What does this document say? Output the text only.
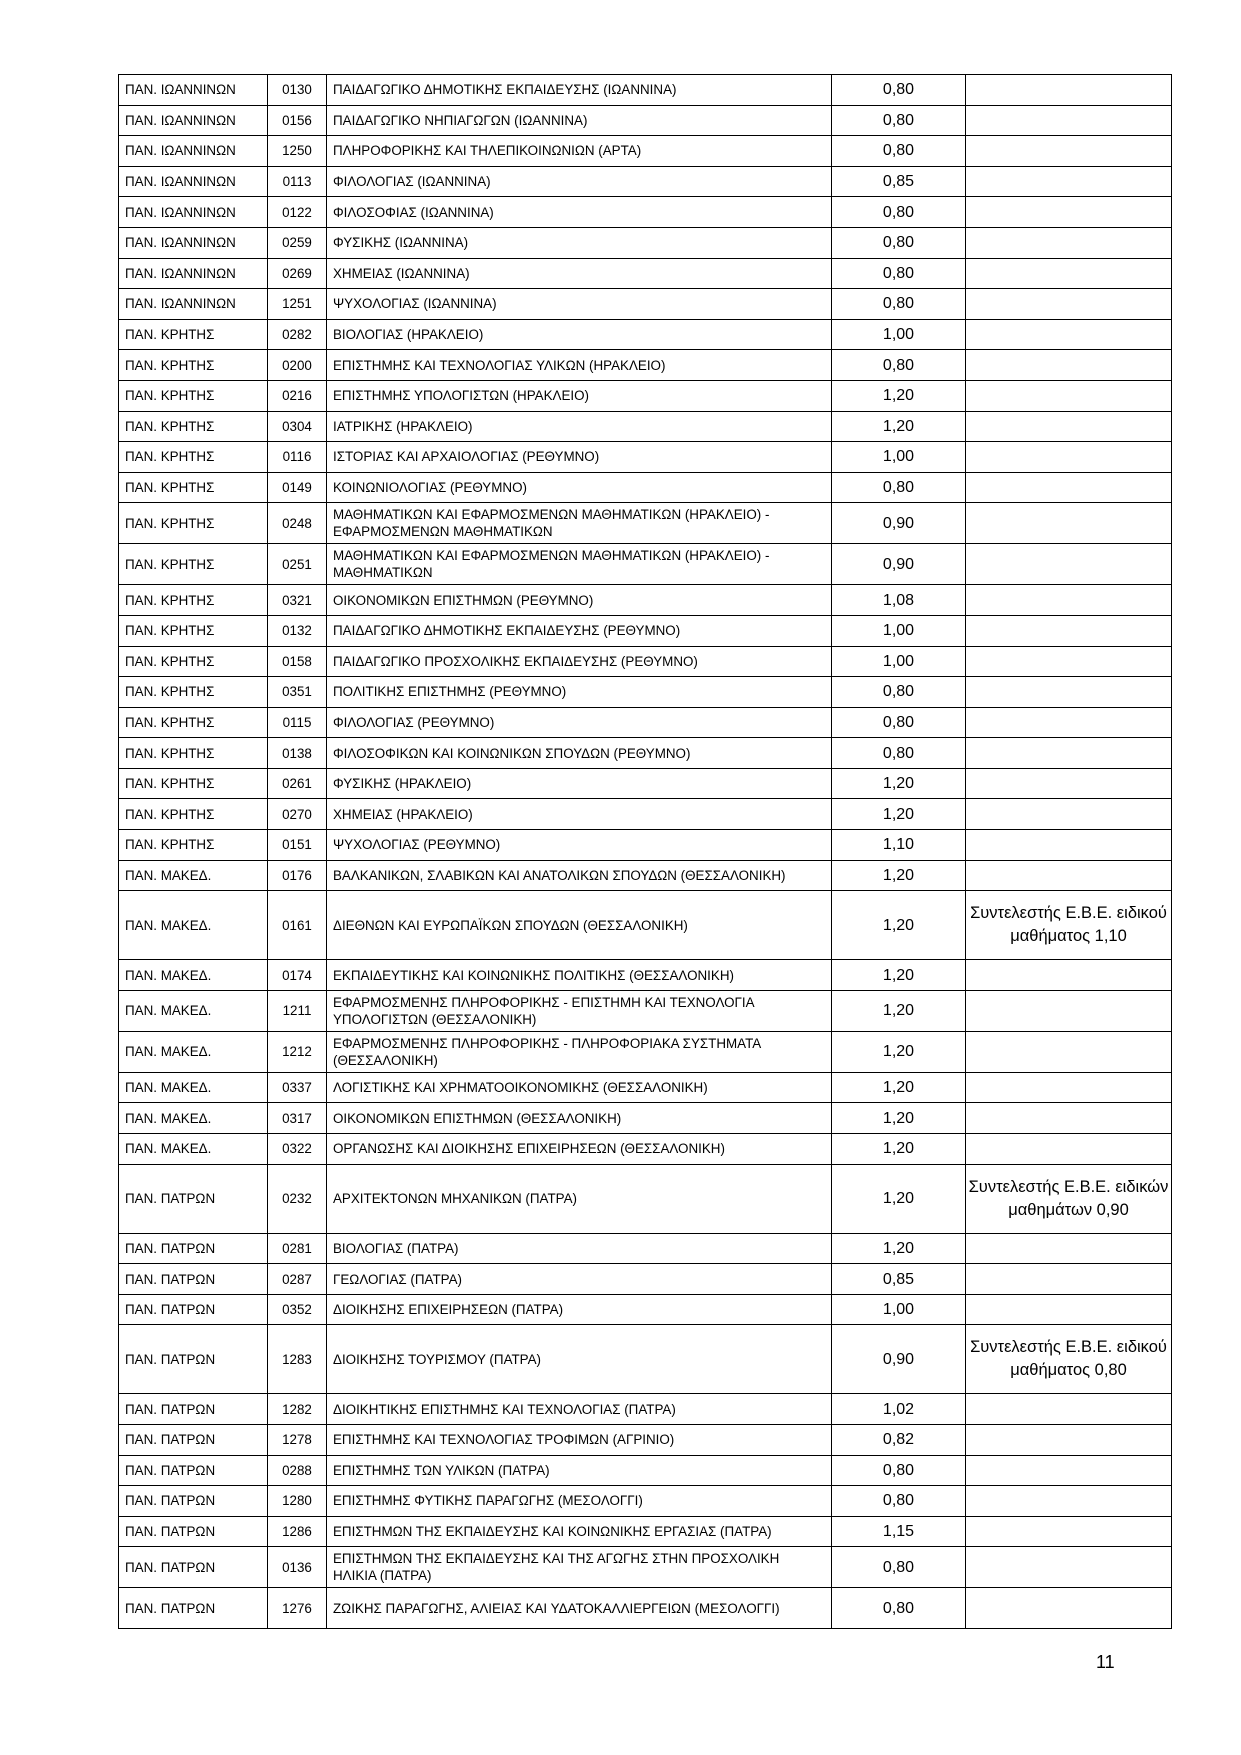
ΠΑΝ. ΙΩΑΝΝΙΝΩΝ	0130	ΠΑΙΔΑΓΩΓΙΚΟ ΔΗΜΟΤΙΚΗΣ ΕΚΠΑΙΔΕΥΣΗΣ (ΙΩΑΝΝΙΝΑ)	0,80	
ΠΑΝ. ΙΩΑΝΝΙΝΩΝ	0156	ΠΑΙΔΑΓΩΓΙΚΟ ΝΗΠΙΑΓΩΓΩΝ (ΙΩΑΝΝΙΝΑ)	0,80	
ΠΑΝ. ΙΩΑΝΝΙΝΩΝ	1250	ΠΛΗΡΟΦΟΡΙΚΗΣ ΚΑΙ ΤΗΛΕΠΙΚΟΙΝΩΝΙΩΝ (ΑΡΤΑ)	0,80	
ΠΑΝ. ΙΩΑΝΝΙΝΩΝ	0113	ΦΙΛΟΛΟΓΙΑΣ (ΙΩΑΝΝΙΝΑ)	0,85	
ΠΑΝ. ΙΩΑΝΝΙΝΩΝ	0122	ΦΙΛΟΣΟΦΙΑΣ (ΙΩΑΝΝΙΝΑ)	0,80	
ΠΑΝ. ΙΩΑΝΝΙΝΩΝ	0259	ΦΥΣΙΚΗΣ (ΙΩΑΝΝΙΝΑ)	0,80	
ΠΑΝ. ΙΩΑΝΝΙΝΩΝ	0269	ΧΗΜΕΙΑΣ (ΙΩΑΝΝΙΝΑ)	0,80	
ΠΑΝ. ΙΩΑΝΝΙΝΩΝ	1251	ΨΥΧΟΛΟΓΙΑΣ (ΙΩΑΝΝΙΝΑ)	0,80	
ΠΑΝ. ΚΡΗΤΗΣ	0282	ΒΙΟΛΟΓΙΑΣ (ΗΡΑΚΛΕΙΟ)	1,00	
ΠΑΝ. ΚΡΗΤΗΣ	0200	ΕΠΙΣΤΗΜΗΣ ΚΑΙ ΤΕΧΝΟΛΟΓΙΑΣ ΥΛΙΚΩΝ (ΗΡΑΚΛΕΙΟ)	0,80	
ΠΑΝ. ΚΡΗΤΗΣ	0216	ΕΠΙΣΤΗΜΗΣ ΥΠΟΛΟΓΙΣΤΩΝ (ΗΡΑΚΛΕΙΟ)	1,20	
ΠΑΝ. ΚΡΗΤΗΣ	0304	ΙΑΤΡΙΚΗΣ (ΗΡΑΚΛΕΙΟ)	1,20	
ΠΑΝ. ΚΡΗΤΗΣ	0116	ΙΣΤΟΡΙΑΣ ΚΑΙ ΑΡΧΑΙΟΛΟΓΙΑΣ (ΡΕΘΥΜΝΟ)	1,00	
ΠΑΝ. ΚΡΗΤΗΣ	0149	ΚΟΙΝΩΝΙΟΛΟΓΙΑΣ (ΡΕΘΥΜΝΟ)	0,80	
ΠΑΝ. ΚΡΗΤΗΣ	0248	ΜΑΘΗΜΑΤΙΚΩΝ ΚΑΙ ΕΦΑΡΜΟΣΜΕΝΩΝ ΜΑΘΗΜΑΤΙΚΩΝ (ΗΡΑΚΛΕΙΟ) - ΕΦΑΡΜΟΣΜΕΝΩΝ ΜΑΘΗΜΑΤΙΚΩΝ	0,90	
ΠΑΝ. ΚΡΗΤΗΣ	0251	ΜΑΘΗΜΑΤΙΚΩΝ ΚΑΙ ΕΦΑΡΜΟΣΜΕΝΩΝ ΜΑΘΗΜΑΤΙΚΩΝ (ΗΡΑΚΛΕΙΟ) - ΜΑΘΗΜΑΤΙΚΩΝ	0,90	
ΠΑΝ. ΚΡΗΤΗΣ	0321	ΟΙΚΟΝΟΜΙΚΩΝ ΕΠΙΣΤΗΜΩΝ (ΡΕΘΥΜΝΟ)	1,08	
ΠΑΝ. ΚΡΗΤΗΣ	0132	ΠΑΙΔΑΓΩΓΙΚΟ ΔΗΜΟΤΙΚΗΣ ΕΚΠΑΙΔΕΥΣΗΣ (ΡΕΘΥΜΝΟ)	1,00	
ΠΑΝ. ΚΡΗΤΗΣ	0158	ΠΑΙΔΑΓΩΓΙΚΟ ΠΡΟΣΧΟΛΙΚΗΣ ΕΚΠΑΙΔΕΥΣΗΣ (ΡΕΘΥΜΝΟ)	1,00	
ΠΑΝ. ΚΡΗΤΗΣ	0351	ΠΟΛΙΤΙΚΗΣ ΕΠΙΣΤΗΜΗΣ (ΡΕΘΥΜΝΟ)	0,80	
ΠΑΝ. ΚΡΗΤΗΣ	0115	ΦΙΛΟΛΟΓΙΑΣ (ΡΕΘΥΜΝΟ)	0,80	
ΠΑΝ. ΚΡΗΤΗΣ	0138	ΦΙΛΟΣΟΦΙΚΩΝ ΚΑΙ ΚΟΙΝΩΝΙΚΩΝ ΣΠΟΥΔΩΝ (ΡΕΘΥΜΝΟ)	0,80	
ΠΑΝ. ΚΡΗΤΗΣ	0261	ΦΥΣΙΚΗΣ (ΗΡΑΚΛΕΙΟ)	1,20	
ΠΑΝ. ΚΡΗΤΗΣ	0270	ΧΗΜΕΙΑΣ (ΗΡΑΚΛΕΙΟ)	1,20	
ΠΑΝ. ΚΡΗΤΗΣ	0151	ΨΥΧΟΛΟΓΙΑΣ (ΡΕΘΥΜΝΟ)	1,10	
ΠΑΝ. ΜΑΚΕΔ.	0176	ΒΑΛΚΑΝΙΚΩΝ, ΣΛΑΒΙΚΩΝ ΚΑΙ ΑΝΑΤΟΛΙΚΩΝ ΣΠΟΥΔΩΝ (ΘΕΣΣΑΛΟΝΙΚΗ)	1,20	
ΠΑΝ. ΜΑΚΕΔ.	0161	ΔΙΕΘΝΩΝ ΚΑΙ ΕΥΡΩΠΑΪΚΩΝ ΣΠΟΥΔΩΝ (ΘΕΣΣΑΛΟΝΙΚΗ)	1,20	Συντελεστής Ε.Β.Ε. ειδικού μαθήματος 1,10
ΠΑΝ. ΜΑΚΕΔ.	0174	ΕΚΠΑΙΔΕΥΤΙΚΗΣ ΚΑΙ ΚΟΙΝΩΝΙΚΗΣ ΠΟΛΙΤΙΚΗΣ (ΘΕΣΣΑΛΟΝΙΚΗ)	1,20	
ΠΑΝ. ΜΑΚΕΔ.	1211	ΕΦΑΡΜΟΣΜΕΝΗΣ ΠΛΗΡΟΦΟΡΙΚΗΣ - ΕΠΙΣΤΗΜΗ ΚΑΙ ΤΕΧΝΟΛΟΓΙΑ ΥΠΟΛΟΓΙΣΤΩΝ (ΘΕΣΣΑΛΟΝΙΚΗ)	1,20	
ΠΑΝ. ΜΑΚΕΔ.	1212	ΕΦΑΡΜΟΣΜΕΝΗΣ ΠΛΗΡΟΦΟΡΙΚΗΣ - ΠΛΗΡΟΦΟΡΙΑΚΑ ΣΥΣΤΗΜΑΤΑ (ΘΕΣΣΑΛΟΝΙΚΗ)	1,20	
ΠΑΝ. ΜΑΚΕΔ.	0337	ΛΟΓΙΣΤΙΚΗΣ ΚΑΙ ΧΡΗΜΑΤΟΟΙΚΟΝΟΜΙΚΗΣ (ΘΕΣΣΑΛΟΝΙΚΗ)	1,20	
ΠΑΝ. ΜΑΚΕΔ.	0317	ΟΙΚΟΝΟΜΙΚΩΝ ΕΠΙΣΤΗΜΩΝ (ΘΕΣΣΑΛΟΝΙΚΗ)	1,20	
ΠΑΝ. ΜΑΚΕΔ.	0322	ΟΡΓΑΝΩΣΗΣ ΚΑΙ ΔΙΟΙΚΗΣΗΣ ΕΠΙΧΕΙΡΗΣΕΩΝ (ΘΕΣΣΑΛΟΝΙΚΗ)	1,20	
ΠΑΝ. ΠΑΤΡΩΝ	0232	ΑΡΧΙΤΕΚΤΟΝΩΝ ΜΗΧΑΝΙΚΩΝ (ΠΑΤΡΑ)	1,20	Συντελεστής Ε.Β.Ε. ειδικών μαθημάτων 0,90
ΠΑΝ. ΠΑΤΡΩΝ	0281	ΒΙΟΛΟΓΙΑΣ (ΠΑΤΡΑ)	1,20	
ΠΑΝ. ΠΑΤΡΩΝ	0287	ΓΕΩΛΟΓΙΑΣ (ΠΑΤΡΑ)	0,85	
ΠΑΝ. ΠΑΤΡΩΝ	0352	ΔΙΟΙΚΗΣΗΣ ΕΠΙΧΕΙΡΗΣΕΩΝ (ΠΑΤΡΑ)	1,00	
ΠΑΝ. ΠΑΤΡΩΝ	1283	ΔΙΟΙΚΗΣΗΣ ΤΟΥΡΙΣΜΟΥ (ΠΑΤΡΑ)	0,90	Συντελεστής Ε.Β.Ε. ειδικού μαθήματος 0,80
ΠΑΝ. ΠΑΤΡΩΝ	1282	ΔΙΟΙΚΗΤΙΚΗΣ ΕΠΙΣΤΗΜΗΣ ΚΑΙ ΤΕΧΝΟΛΟΓΙΑΣ (ΠΑΤΡΑ)	1,02	
ΠΑΝ. ΠΑΤΡΩΝ	1278	ΕΠΙΣΤΗΜΗΣ ΚΑΙ ΤΕΧΝΟΛΟΓΙΑΣ ΤΡΟΦΙΜΩΝ (ΑΓΡΙΝΙΟ)	0,82	
ΠΑΝ. ΠΑΤΡΩΝ	0288	ΕΠΙΣΤΗΜΗΣ ΤΩΝ ΥΛΙΚΩΝ (ΠΑΤΡΑ)	0,80	
ΠΑΝ. ΠΑΤΡΩΝ	1280	ΕΠΙΣΤΗΜΗΣ ΦΥΤΙΚΗΣ ΠΑΡΑΓΩΓΗΣ (ΜΕΣΟΛΟΓΓΙ)	0,80	
ΠΑΝ. ΠΑΤΡΩΝ	1286	ΕΠΙΣΤΗΜΩΝ ΤΗΣ ΕΚΠΑΙΔΕΥΣΗΣ ΚΑΙ ΚΟΙΝΩΝΙΚΗΣ ΕΡΓΑΣΙΑΣ (ΠΑΤΡΑ)	1,15	
ΠΑΝ. ΠΑΤΡΩΝ	0136	ΕΠΙΣΤΗΜΩΝ ΤΗΣ ΕΚΠΑΙΔΕΥΣΗΣ ΚΑΙ ΤΗΣ ΑΓΩΓΗΣ ΣΤΗΝ ΠΡΟΣΧΟΛΙΚΗ ΗΛΙΚΙΑ (ΠΑΤΡΑ)	0,80	
ΠΑΝ. ΠΑΤΡΩΝ	1276	ΖΩΙΚΗΣ ΠΑΡΑΓΩΓΗΣ, ΑΛΙΕΙΑΣ ΚΑΙ ΥΔΑΤΟΚΑΛΛΙΕΡΓΕΙΩΝ (ΜΕΣΟΛΟΓΓΙ)	0,80	
11
